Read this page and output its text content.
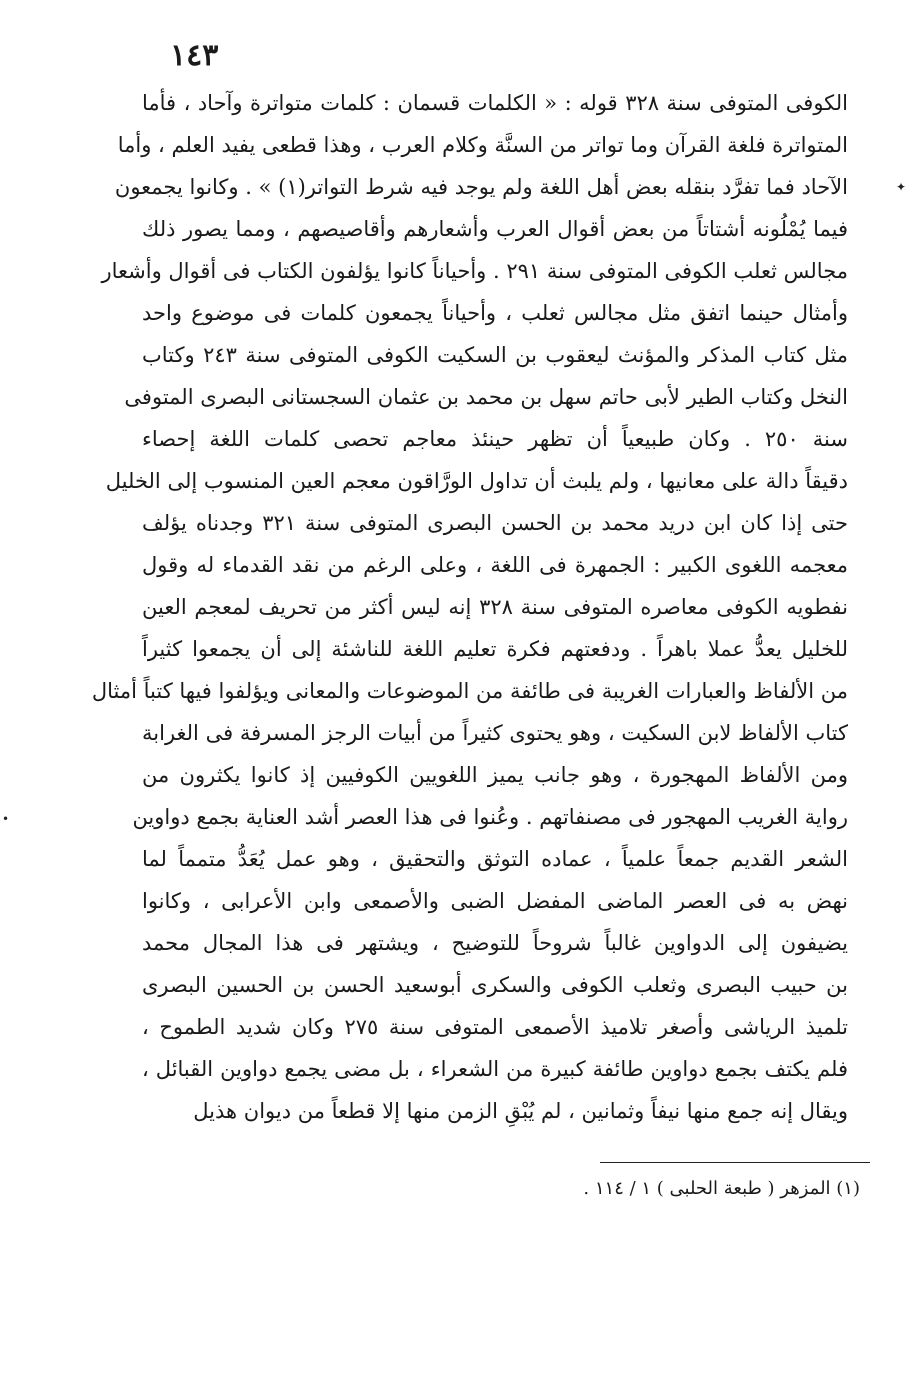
١٤٣
الكوفى المتوفى سنة ٣٢٨ قوله : « الكلمات قسمان : كلمات متواترة وآحاد ، فأما
المتواترة فلغة القرآن وما تواتر من السنَّة وكلام العرب ، وهذا قطعى يفيد العلم ، وأما
الآحاد فما تفرَّد بنقله بعض أهل اللغة ولم يوجد فيه شرط التواتر(١) » . وكانوا يجمعون
فيما يُمْلُونه أشتاتاً من بعض أقوال العرب وأشعارهم وأقاصيصهم ، ومما يصور ذلك
مجالس ثعلب الكوفى المتوفى سنة ٢٩١ . وأحياناً كانوا يؤلفون الكتاب فى أقوال وأشعار
وأمثال حينما اتفق مثل مجالس ثعلب ، وأحياناً يجمعون كلمات فى موضوع واحد
مثل كتاب المذكر والمؤنث ليعقوب بن السكيت الكوفى المتوفى سنة ٢٤٣ وكتاب
النخل وكتاب الطير لأبى حاتم سهل بن محمد بن عثمان السجستانى البصرى المتوفى
سنة ٢٥٠ . وكان طبيعياً أن تظهر حينئذ معاجم تحصى كلمات اللغة إحصاء
دقيقاً دالة على معانيها ، ولم يلبث أن تداول الورَّاقون معجم العين المنسوب إلى الخليل
حتى إذا كان ابن دريد محمد بن الحسن البصرى المتوفى سنة ٣٢١ وجدناه يؤلف
معجمه اللغوى الكبير : الجمهرة فى اللغة ، وعلى الرغم من نقد القدماء له وقول
نفطويه الكوفى معاصره المتوفى سنة ٣٢٨ إنه ليس أكثر من تحريف لمعجم العين
للخليل يعدُّ عملا باهراً . ودفعتهم فكرة تعليم اللغة للناشئة إلى أن يجمعوا كثيراً
من الألفاظ والعبارات الغريبة فى طائفة من الموضوعات والمعانى ويؤلفوا فيها كتباً أمثال
كتاب الألفاظ لابن السكيت ، وهو يحتوى كثيراً من أبيات الرجز المسرفة فى الغرابة
ومن الألفاظ المهجورة ، وهو جانب يميز اللغويين الكوفيين إذ كانوا يكثرون من
رواية الغريب المهجور فى مصنفاتهم . وعُنوا فى هذا العصر أشد العناية بجمع دواوين
الشعر القديم جمعاً علمياً ، عماده التوثق والتحقيق ، وهو عمل يُعَدُّ متمماً لما
نهض به فى العصر الماضى المفضل الضبى والأصمعى وابن الأعرابى ، وكانوا
يضيفون إلى الدواوين غالباً شروحاً للتوضيح ، ويشتهر فى هذا المجال محمد
بن حبيب البصرى وثعلب الكوفى والسكرى أبوسعيد الحسن بن الحسين البصرى
تلميذ الرياشى وأصغر تلاميذ الأصمعى المتوفى سنة ٢٧٥ وكان شديد الطموح ،
فلم يكتف بجمع دواوين طائفة كبيرة من الشعراء ، بل مضى يجمع دواوين القبائل ،
ويقال إنه جمع منها نيفاً وثمانين ، لم يُبْقِ الزمن منها إلا قطعاً من ديوان هذيل
(١) المزهر ( طبعة الحلبى ) ١ / ١١٤ .
✦
•
